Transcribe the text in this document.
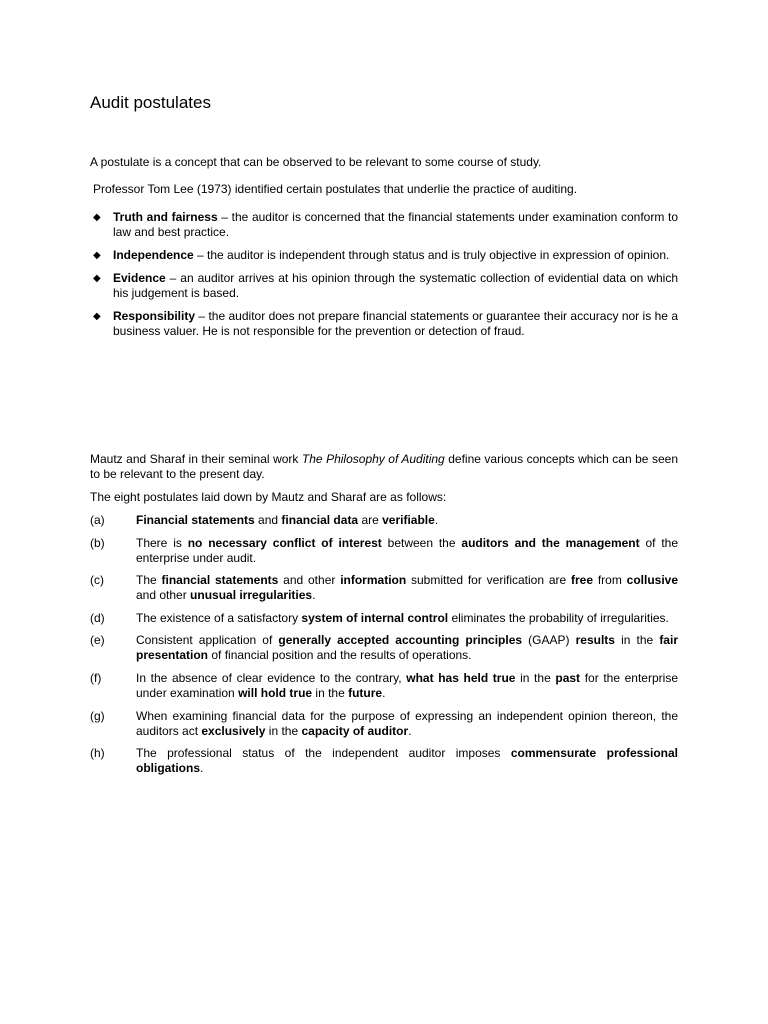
Audit postulates

A postulate is a concept that can be observed to be relevant to some course of study.

Professor Tom Lee (1973) identified certain postulates that underlie the practice of auditing.

◆ Truth and fairness – the auditor is concerned that the financial statements under examination conform to law and best practice.
◆ Independence – the auditor is independent through status and is truly objective in expression of opinion.
◆ Evidence – an auditor arrives at his opinion through the systematic collection of evidential data on which his judgement is based.
◆ Responsibility – the auditor does not prepare financial statements or guarantee their accuracy nor is he a business valuer. He is not responsible for the prevention or detection of fraud.

Mautz and Sharaf in their seminal work The Philosophy of Auditing define various concepts which can be seen to be relevant to the present day.

The eight postulates laid down by Mautz and Sharaf are as follows:

(a)	Financial statements and financial data are verifiable.
(b)	There is no necessary conflict of interest between the auditors and the management of the enterprise under audit.
(c)	The financial statements and other information submitted for verification are free from collusive and other unusual irregularities.
(d)	The existence of a satisfactory system of internal control eliminates the probability of irregularities.
(e)	Consistent application of generally accepted accounting principles (GAAP) results in the fair presentation of financial position and the results of operations.
(f)	In the absence of clear evidence to the contrary, what has held true in the past for the enterprise under examination will hold true in the future.
(g)	When examining financial data for the purpose of expressing an independent opinion thereon, the auditors act exclusively in the capacity of auditor.
(h)	The professional status of the independent auditor imposes commensurate professional obligations.
